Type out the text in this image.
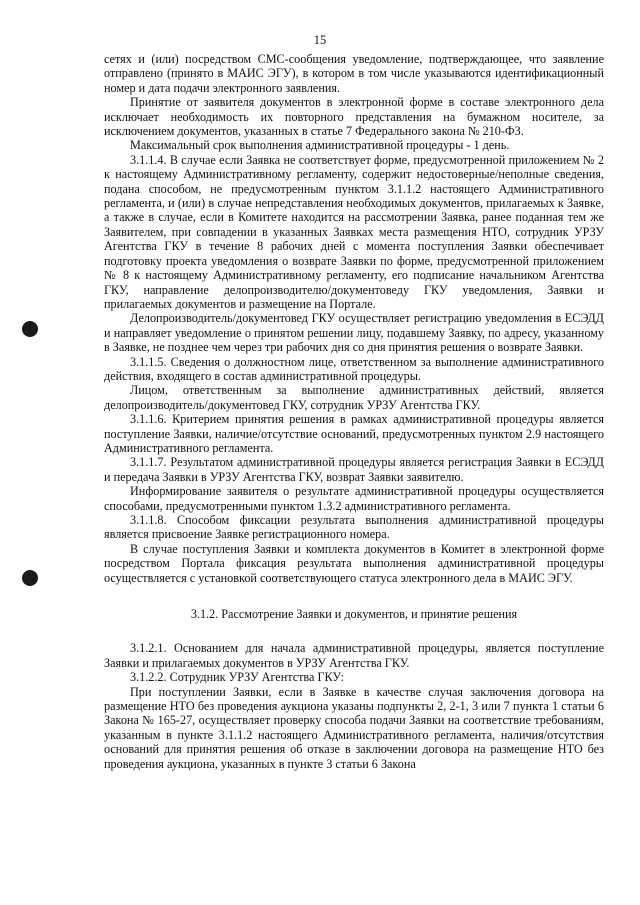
15

сетях и (или) посредством СМС-сообщения уведомление, подтверждающее, что заявление отправлено (принято в МАИС ЭГУ), в котором в том числе указываются идентификационный номер и дата подачи электронного заявления.

Принятие от заявителя документов в электронной форме в составе электронного дела исключает необходимость их повторного представления на бумажном носителе, за исключением документов, указанных в статье 7 Федерального закона № 210-ФЗ.

Максимальный срок выполнения административной процедуры - 1 день.

3.1.1.4. В случае если Заявка не соответствует форме, предусмотренной приложением № 2 к настоящему Административному регламенту, содержит недостоверные/неполные сведения, подана способом, не предусмотренным пунктом 3.1.1.2 настоящего Административного регламента, и (или) в случае непредставления необходимых документов, прилагаемых к Заявке, а также в случае, если в Комитете находится на рассмотрении Заявка, ранее поданная тем же Заявителем, при совпадении в указанных Заявках места размещения НТО, сотрудник УРЗУ Агентства ГКУ в течение 8 рабочих дней с момента поступления Заявки обеспечивает подготовку проекта уведомления о возврате Заявки по форме, предусмотренной приложением № 8 к настоящему Административному регламенту, его подписание начальником Агентства ГКУ, направление делопроизводителю/документоведу ГКУ уведомления, Заявки и прилагаемых документов и размещение на Портале.

Делопроизводитель/документовед ГКУ осуществляет регистрацию уведомления в ЕСЭДД и направляет уведомление о принятом решении лицу, подавшему Заявку, по адресу, указанному в Заявке, не позднее чем через три рабочих дня со дня принятия решения о возврате Заявки.

3.1.1.5. Сведения о должностном лице, ответственном за выполнение административного действия, входящего в состав административной процедуры.

Лицом, ответственным за выполнение административных действий, является делопроизводитель/документовед ГКУ, сотрудник УРЗУ Агентства ГКУ.

3.1.1.6. Критерием принятия решения в рамках административной процедуры является поступление Заявки, наличие/отсутствие оснований, предусмотренных пунктом 2.9 настоящего Административного регламента.

3.1.1.7. Результатом административной процедуры является регистрация Заявки в ЕСЭДД и передача Заявки в УРЗУ Агентства ГКУ, возврат Заявки заявителю.

Информирование заявителя о результате административной процедуры осуществляется способами, предусмотренными пунктом 1.3.2 административного регламента.

3.1.1.8. Способом фиксации результата выполнения административной процедуры является присвоение Заявке регистрационного номера.

В случае поступления Заявки и комплекта документов в Комитет в электронной форме посредством Портала фиксация результата выполнения административной процедуры осуществляется с установкой соответствующего статуса электронного дела в МАИС ЭГУ.

3.1.2. Рассмотрение Заявки и документов, и принятие решения

3.1.2.1. Основанием для начала административной процедуры, является поступление Заявки и прилагаемых документов в УРЗУ Агентства ГКУ.

3.1.2.2. Сотрудник УРЗУ Агентства ГКУ:

При поступлении Заявки, если в Заявке в качестве случая заключения договора на размещение НТО без проведения аукциона указаны подпункты 2, 2-1, 3 или 7 пункта 1 статьи 6 Закона № 165-27, осуществляет проверку способа подачи Заявки на соответствие требованиям, указанным в пункте 3.1.1.2 настоящего Административного регламента, наличия/отсутствия оснований для принятия решения об отказе в заключении договора на размещение НТО без проведения аукциона, указанных в пункте 3 статьи 6 Закона
